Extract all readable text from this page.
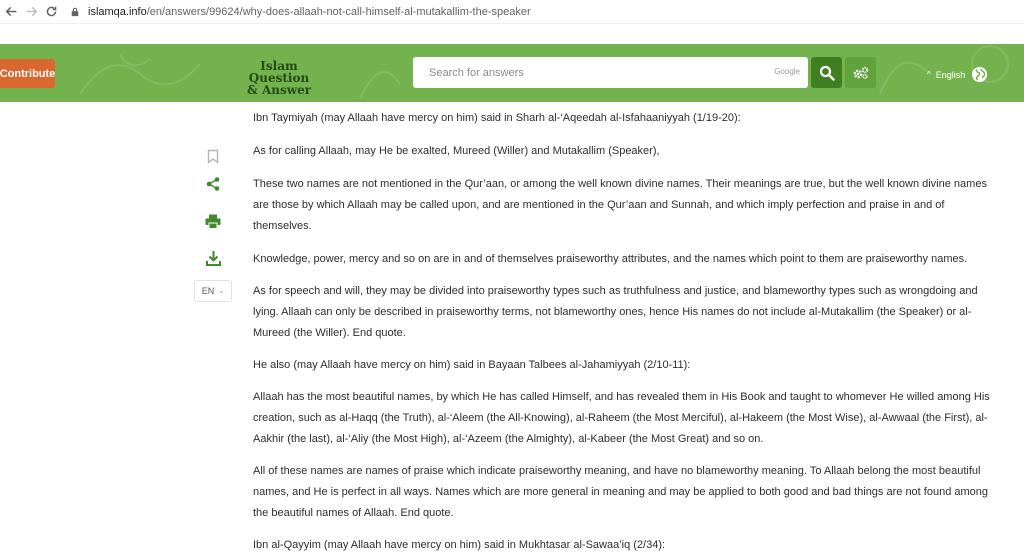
islamqa.info/en/answers/99624/why-does-allaah-not-call-himself-al-mutakallim-the-speaker
Contribute
Islam Question
& Answer
Search for answers
Google	^ English
EN ⌄

Ibn Taymiyah (may Allaah have mercy on him) said in Sharh al-‘Aqeedah al-Isfahaaniyyah (1/19-20):

As for calling Allaah, may He be exalted, Mureed (Willer) and Mutakallim (Speaker),

These two names are not mentioned in the Qur’aan, or among the well known divine names. Their meanings are true, but the well known divine names are those by which Allaah may be called upon, and are mentioned in the Qur’aan and Sunnah, and which imply perfection and praise in and of themselves.

Knowledge, power, mercy and so on are in and of themselves praiseworthy attributes, and the names which point to them are praiseworthy names.

As for speech and will, they may be divided into praiseworthy types such as truthfulness and justice, and blameworthy types such as wrongdoing and lying. Allaah can only be described in praiseworthy terms, not blameworthy ones, hence His names do not include al-Mutakallim (the Speaker) or al-Mureed (the Willer). End quote.

He also (may Allaah have mercy on him) said in Bayaan Talbees al-Jahamiyyah (2/10-11):

Allaah has the most beautiful names, by which He has called Himself, and has revealed them in His Book and taught to whomever He willed among His creation, such as al-Haqq (the Truth), al-‘Aleem (the All-Knowing), al-Raheem (the Most Merciful), al-Hakeem (the Most Wise), al-Awwaal (the First), al-Aakhir (the last), al-‘Aliy (the Most High), al-‘Azeem (the Almighty), al-Kabeer (the Most Great) and so on.

All of these names are names of praise which indicate praiseworthy meaning, and have no blameworthy meaning. To Allaah belong the most beautiful names, and He is perfect in all ways. Names which are more general in meaning and may be applied to both good and bad things are not found among the beautiful names of Allaah. End quote.

Ibn al-Qayyim (may Allaah have mercy on him) said in Mukhtasar al-Sawaa’iq (2/34):
